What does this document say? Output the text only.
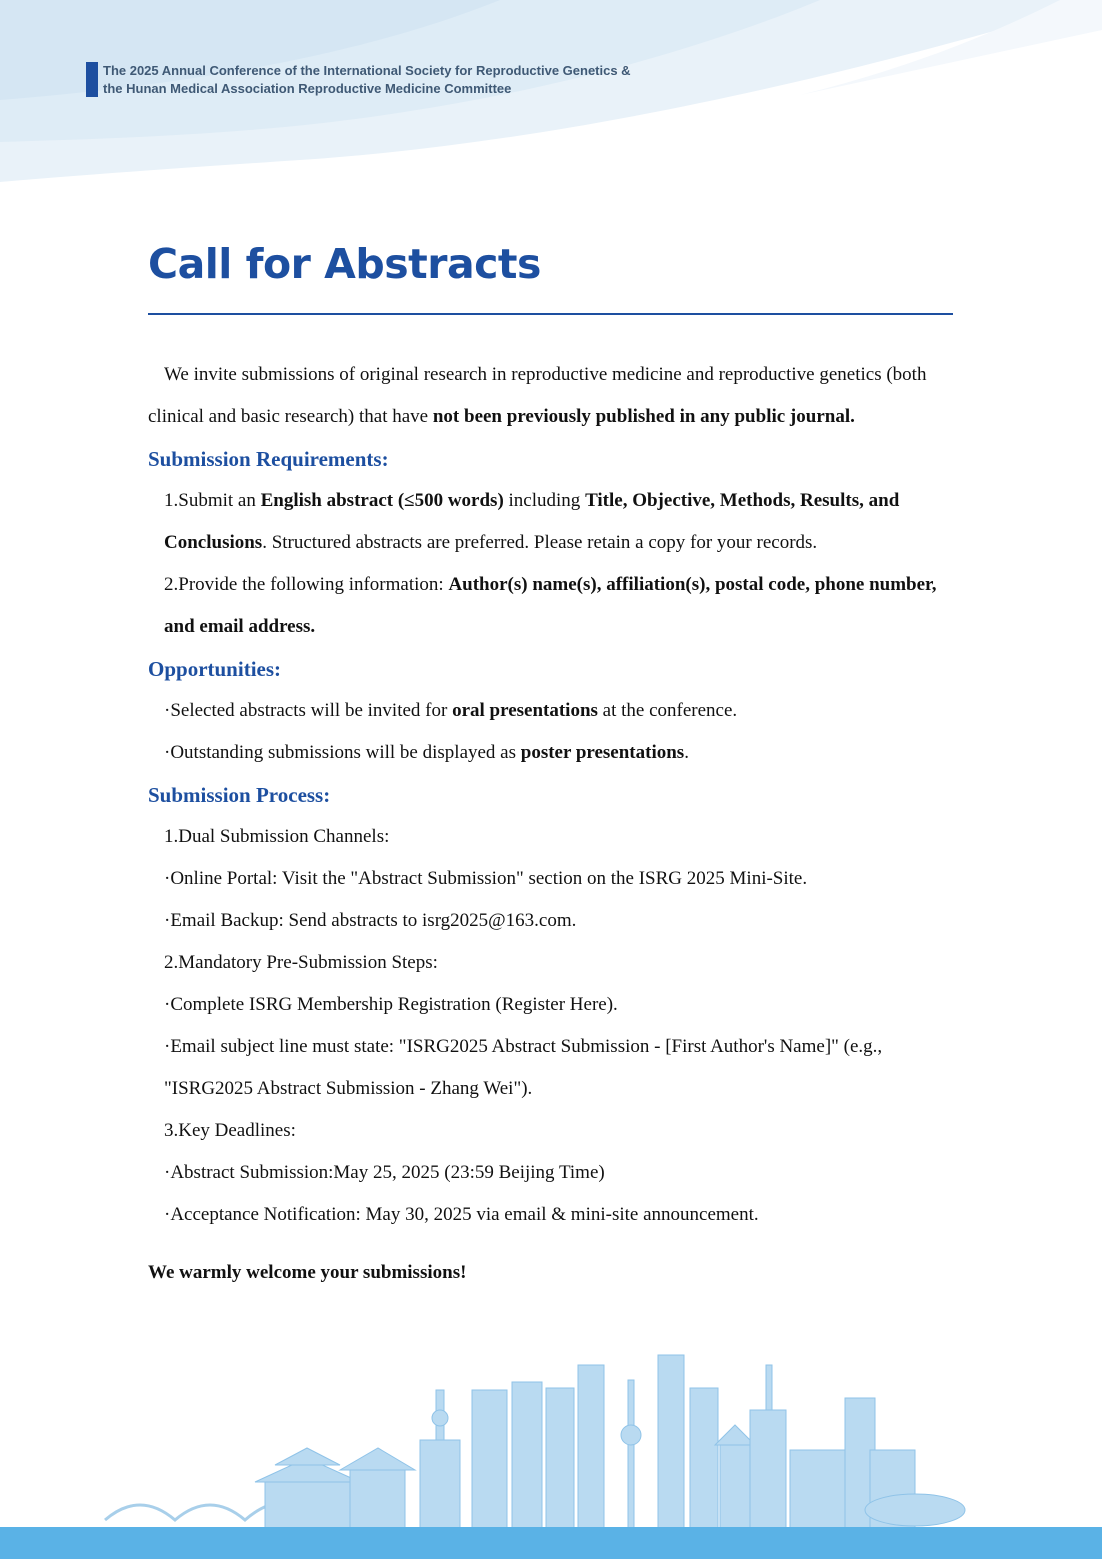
The 2025 Annual Conference of the International Society for Reproductive Genetics &
the Hunan Medical Association Reproductive Medicine Committee
Call for Abstracts

We invite submissions of original research in reproductive medicine and reproductive genetics (both clinical and basic research) that have not been previously published in any public journal.

Submission Requirements:

1.Submit an English abstract (≤500 words) including Title, Objective, Methods, Results, and Conclusions. Structured abstracts are preferred. Please retain a copy for your records.

2.Provide the following information: Author(s) name(s), affiliation(s), postal code, phone number, and email address.

Opportunities:

·Selected abstracts will be invited for oral presentations at the conference.

·Outstanding submissions will be displayed as poster presentations.

Submission Process:

1.Dual Submission Channels:

·Online Portal: Visit the "Abstract Submission" section on the ISRG 2025 Mini-Site.

·Email Backup: Send abstracts to isrg2025@163.com.

2.Mandatory Pre-Submission Steps:

·Complete ISRG Membership Registration (Register Here).

·Email subject line must state: "ISRG2025 Abstract Submission - [First Author's Name]" (e.g., "ISRG2025 Abstract Submission - Zhang Wei").

3.Key Deadlines:

·Abstract Submission:May 25, 2025 (23:59 Beijing Time)

·Acceptance Notification: May 30, 2025 via email & mini-site announcement.

We warmly welcome your submissions!
